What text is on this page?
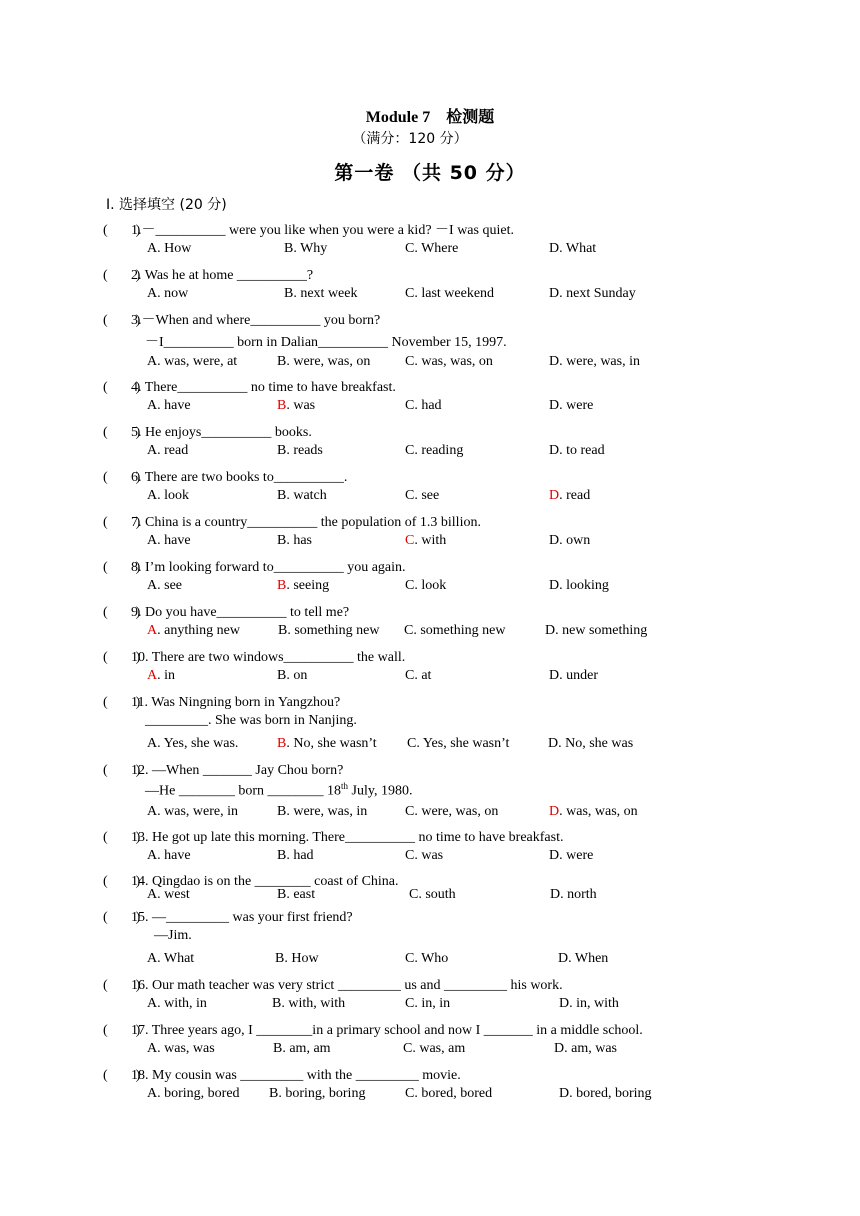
Module 7　检测题
（满分：120 分）
第一卷 （共 50 分）
Ⅰ. 选择填空 (20 分)
(　　)1.－__________ were you like when you were a kid? －I was quiet.
A. How	B. Why	C. Where	D. What
(　　)2. Was he at home __________?
A. now	B. next week	C. last weekend	D. next Sunday
(　　)3.－When and where__________ you born?
－I__________ born in Dalian__________ November 15, 1997.
A. was, were, at	B. were, was, on C. was, was, on	D. were, was, in
(　　)4. There__________ no time to have breakfast.
A. have	B. was	C. had	D. were
(　　)5. He enjoys__________ books.
A. read	B. reads	C. reading	D. to read
(　　)6. There are two books to__________.
A. look	B. watch	C. see	D. read
(　　)7. China is a country__________ the population of 1.3 billion.
A. have	B. has	C. with	D. own
(　　)8. I’m looking forward to__________ you again.
A. see	B. seeing	C. look	D. looking
(　　)9. Do you have__________ to tell me?
A. anything new	B. something new C. something new	D. new something
(　　)10. There are two windows__________ the wall.
A. in	B. on	C. at	D. under
(　　)11. Was Ningning born in Yangzhou?
_________. She was born in Nanjing.
A. Yes, she was.	B. No, she wasn’t C. Yes, she wasn’t	D. No, she was
(　　)12. —When _______ Jay Chou born?
—He ________ born ________ 18th July, 1980.
A. was, were, in	B. were, was, in	C. were, was, on	D. was, was, on
(　　)13. He got up late this morning. There__________ no time to have breakfast.
A. have	B. had	C. was	D. were
(　　)14. Qingdao is on the ________ coast of China.
A. west	B. east	C. south	D. north
(　　)15. —_________ was your first friend?
—Jim.
A. What	B. How	C. Who	D. When
(　　)16. Our math teacher was very strict _________ us and _________ his work.
A. with, in	B. with, with	C. in, in	D. in, with
(　　)17. Three years ago, I ________in a primary school and now I _______ in a middle school.
A. was, was	B. am, am	C. was, am	D. am, was
(　　)18. My cousin was _________ with the _________ movie.
A. boring, bored B. boring, boring	C. bored, bored	D. bored, boring
